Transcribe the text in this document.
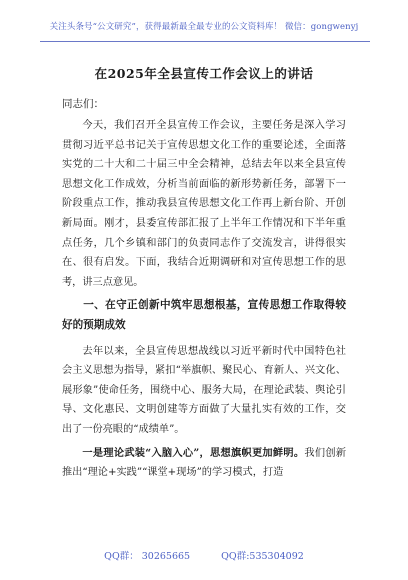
关注头条号“公文研究”，获得最新最全最专业的公文资料库！ 微信：gongwenyj
在2025年全县宣传工作会议上的讲话
同志们：

今天，我们召开全县宣传工作会议，主要任务是深入学习贯彻习近平总书记关于宣传思想文化工作的重要论述，全面落实党的二十大和二十届三中全会精神，总结去年以来全县宣传思想文化工作成效，分析当前面临的新形势新任务，部署下一阶段重点工作，推动我县宣传思想文化工作再上新台阶、开创新局面。刚才，县委宣传部汇报了上半年工作情况和下半年重点任务，几个乡镇和部门的负责同志作了交流发言，讲得很实在、很有启发。下面，我结合近期调研和对宣传思想工作的思考，讲三点意见。

一、在守正创新中筑牢思想根基，宣传思想工作取得较好的预期成效

去年以来，全县宣传思想战线以习近平新时代中国特色社会主义思想为指导，紧扣“举旗帜、聚民心、育新人、兴文化、展形象”使命任务，围绕中心、服务大局，在理论武装、舆论引导、文化惠民、文明创建等方面做了大量扎实有效的工作，交出了一份亮眼的“成绩单”。

一是理论武装“入脑入心”，思想旗帜更加鲜明。我们创新推出“理论+实践”“课堂+现场”的学习模式，打造

QQ群： 30265665	QQ群:535304092
